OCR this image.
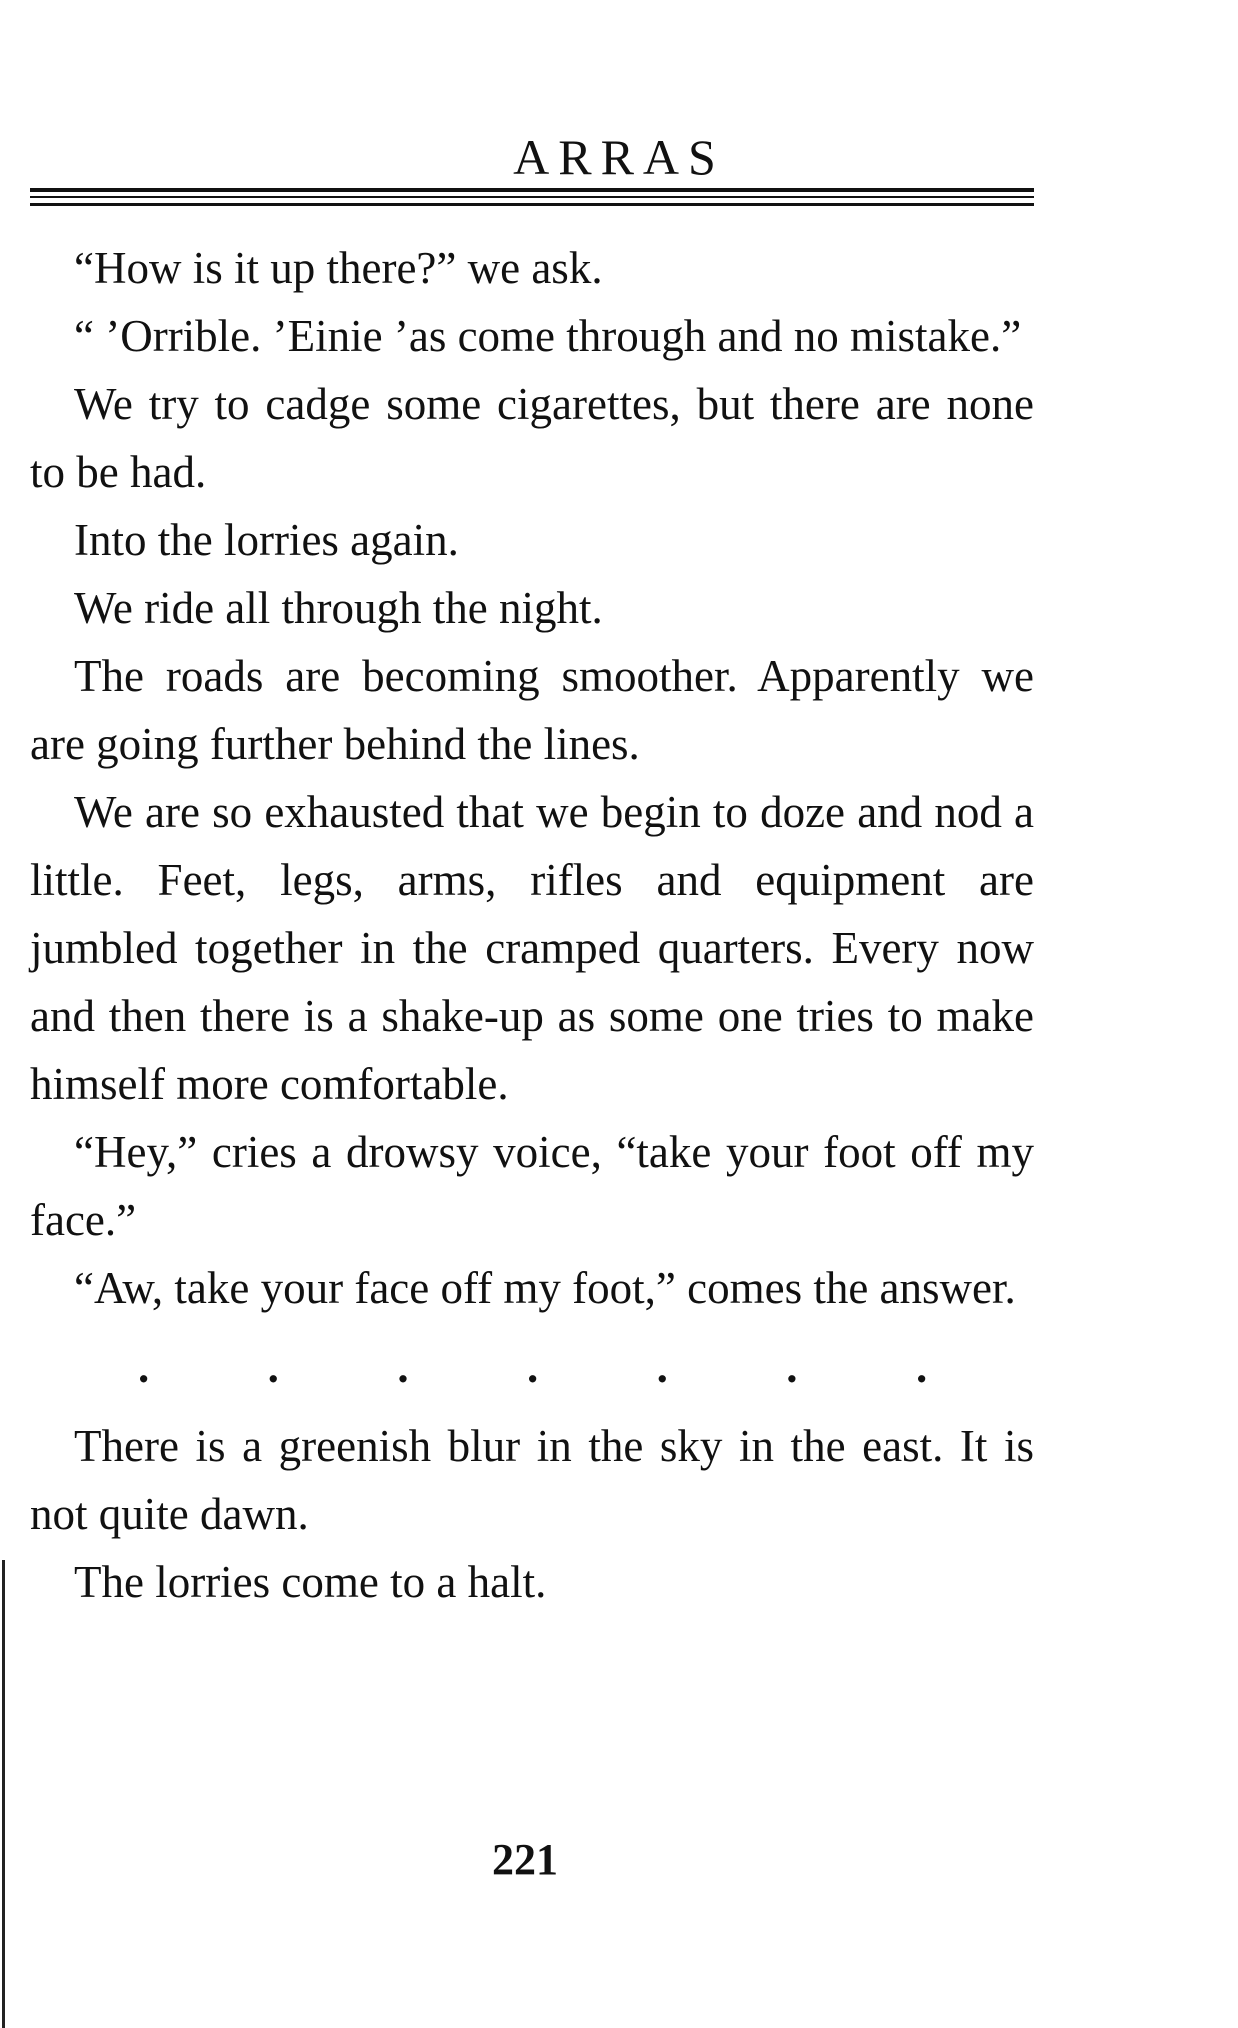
ARRAS

“How is it up there?” we ask.

“ ’Orrible. ’Einie ’as come through and no mistake.”

We try to cadge some cigarettes, but there are none to be had.

Into the lorries again.

We ride all through the night.

The roads are becoming smoother. Apparently we are going further behind the lines.

We are so exhausted that we begin to doze and nod a little. Feet, legs, arms, rifles and equipment are jumbled together in the cramped quarters. Every now and then there is a shake-up as some one tries to make himself more comfortable.

“Hey,” cries a drowsy voice, “take your foot off my face.”

“Aw, take your face off my foot,” comes the answer.

.	.	.	.	.	.	.

There is a greenish blur in the sky in the east. It is not quite dawn.

The lorries come to a halt.

221
